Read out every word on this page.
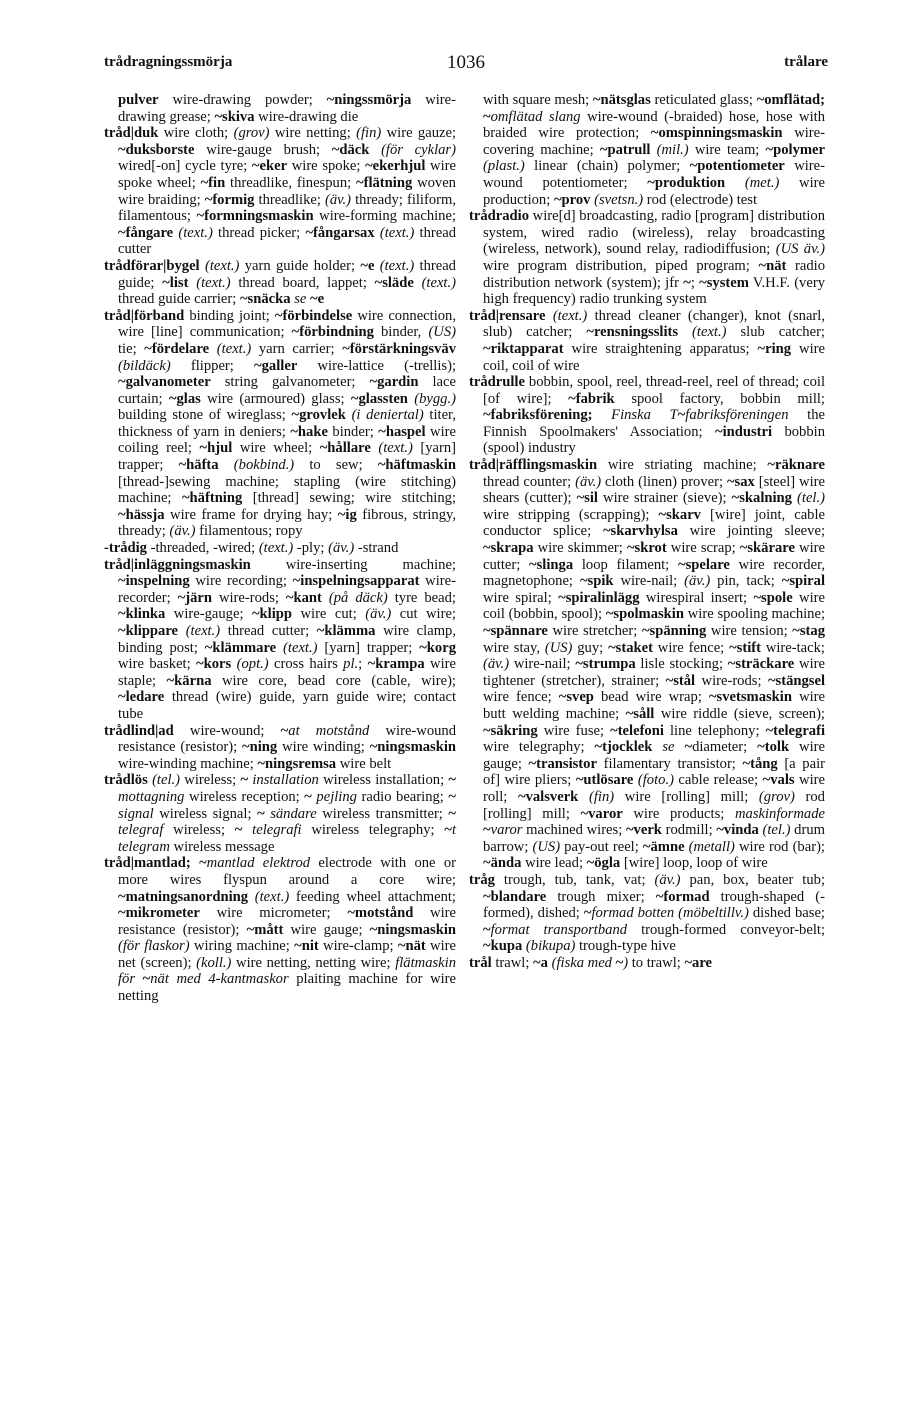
trådragningssmörja	1036	trålare

pulver wire-drawing powder; ~ningssmörja wire-drawing grease; ~skiva wire-drawing die

tråd|duk wire cloth; (grov) wire netting; (fin) wire gauze; ~duksborste wire-gauge brush; ~däck (för cyklar) wired[-on] cycle tyre; ~eker wire spoke; ~ekerhjul wire spoke wheel; ~fin threadlike, finespun; ~flätning woven wire braiding; ~formig threadlike; (äv.) thready; filiform, filamentous; ~formningsmaskin wire-forming machine; ~fångare (text.) thread picker; ~fångarsax (text.) thread cutter

trådförar|bygel (text.) yarn guide holder; ~e (text.) thread guide; ~list (text.) thread board, lappet; ~släde (text.) thread guide carrier; ~snäcka se ~e

tråd|förband binding joint; ~förbindelse wire connection, wire [line] communication; ~förbindning binder, (US) tie; ~fördelare (text.) yarn carrier; ~förstärkningsväv (bildäck) flipper; ~galler wire-lattice (-trellis); ~galvanometer string galvanometer; ~gardin lace curtain; ~glas wire (armoured) glass; ~glassten (bygg.) building stone of wireglass; ~grovlek (i deniertal) titer, thickness of yarn in deniers; ~hake binder; ~haspel wire coiling reel; ~hjul wire wheel; ~hållare (text.) [yarn] trapper; ~häfta (bokbind.) to sew; ~häftmaskin [thread-]sewing machine; stapling (wire stitching) machine; ~häftning [thread] sewing; wire stitching; ~hässja wire frame for drying hay; ~ig fibrous, stringy, thready; (äv.) filamentous; ropy

-trådig -threaded, -wired; (text.) -ply; (äv.) -strand

tråd|inläggningsmaskin wire-inserting machine; ~inspelning wire recording; ~inspelningsapparat wire-recorder; ~järn wire-rods; ~kant (på däck) tyre bead; ~klinka wire-gauge; ~klipp wire cut; (äv.) cut wire; ~klippare (text.) thread cutter; ~klämma wire clamp, binding post; ~klämmare (text.) [yarn] trapper; ~korg wire basket; ~kors (opt.) cross hairs pl.; ~krampa wire staple; ~kärna wire core, bead core (cable, wire); ~ledare thread (wire) guide, yarn guide wire; contact tube

trådlind|ad wire-wound; ~at motstånd wire-wound resistance (resistor); ~ning wire winding; ~ningsmaskin wire-winding machine; ~ningsremsa wire belt

trådlös (tel.) wireless; ~ installation wireless installation; ~ mottagning wireless reception; ~ pejling radio bearing; ~ signal wireless signal; ~ sändare wireless transmitter; ~ telegraf wireless; ~ telegrafi wireless telegraphy; ~t telegram wireless message

tråd|mantlad; ~mantlad elektrod electrode with one or more wires flyspun around a core wire; ~matningsanordning (text.) feeding wheel attachment; ~mikrometer wire micrometer; ~motstånd wire resistance (resistor); ~mått wire gauge; ~ningsmaskin (för flaskor) wiring machine; ~nit wire-clamp; ~nät wire net (screen); (koll.) wire netting, netting wire; flätmaskin för ~nät med 4-kantmaskor plaiting machine for wire netting

with square mesh; ~nätsglas reticulated glass; ~omflätad; ~omflätad slang wire-wound (-braided) hose, hose with braided wire protection; ~omspinningsmaskin wire-covering machine; ~patrull (mil.) wire team; ~polymer (plast.) linear (chain) polymer; ~potentiometer wire-wound potentiometer; ~produktion (met.) wire production; ~prov (svetsn.) rod (electrode) test

trådradio wire[d] broadcasting, radio [program] distribution system, wired radio (wireless), relay broadcasting (wireless, network), sound relay, radiodiffusion; (US äv.) wire program distribution, piped program; ~nät radio distribution network (system); jfr ~; ~system V.H.F. (very high frequency) radio trunking system

tråd|rensare (text.) thread cleaner (changer), knot (snarl, slub) catcher; ~rensningsslits (text.) slub catcher; ~riktapparat wire straightening apparatus; ~ring wire coil, coil of wire

trådrulle bobbin, spool, reel, thread-reel, reel of thread; coil [of wire]; ~fabrik spool factory, bobbin mill; ~fabriksförening; Finska T~fabriksföreningen the Finnish Spoolmakers' Association; ~industri bobbin (spool) industry

tråd|räfflingsmaskin wire striating machine; ~räknare thread counter; (äv.) cloth (linen) prover; ~sax [steel] wire shears (cutter); ~sil wire strainer (sieve); ~skalning (tel.) wire stripping (scrapping); ~skarv [wire] joint, cable conductor splice; ~skarvhylsa wire jointing sleeve; ~skrapa wire skimmer; ~skrot wire scrap; ~skärare wire cutter; ~slinga loop filament; ~spelare wire recorder, magnetophone; ~spik wire-nail; (äv.) pin, tack; ~spiral wire spiral; ~spiralinlägg wirespiral insert; ~spole wire coil (bobbin, spool); ~spolmaskin wire spooling machine; ~spännare wire stretcher; ~spänning wire tension; ~stag wire stay, (US) guy; ~staket wire fence; ~stift wire-tack; (äv.) wire-nail; ~strumpa lisle stocking; ~sträckare wire tightener (stretcher), strainer; ~stål wire-rods; ~stängsel wire fence; ~svep bead wire wrap; ~svetsmaskin wire butt welding machine; ~såll wire riddle (sieve, screen); ~säkring wire fuse; ~telefoni line telephony; ~telegrafi wire telegraphy; ~tjocklek se ~diameter; ~tolk wire gauge; ~transistor filamentary transistor; ~tång [a pair of] wire pliers; ~utlösare (foto.) cable release; ~vals wire roll; ~valsverk (fin) wire [rolling] mill; (grov) rod [rolling] mill; ~varor wire products; maskinformade ~varor machined wires; ~verk rodmill; ~vinda (tel.) drum barrow; (US) pay-out reel; ~ämne (metall) wire rod (bar); ~ända wire lead; ~ögla [wire] loop, loop of wire

tråg trough, tub, tank, vat; (äv.) pan, box, beater tub; ~blandare trough mixer; ~formad trough-shaped (-formed), dished; ~formad botten (möbeltillv.) dished base; ~format transportband trough-formed conveyor-belt; ~kupa (bikupa) trough-type hive

trål trawl; ~a (fiska med ~) to trawl; ~are
